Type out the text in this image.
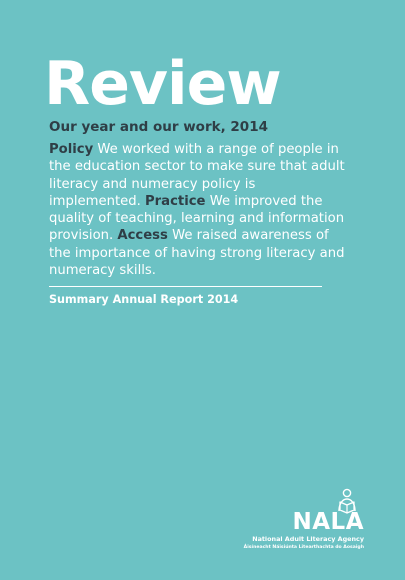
Review
Our year and our work, 2014

Policy We worked with a range of people in the education sector to make sure that adult literacy and numeracy policy is implemented. Practice We improved the quality of teaching, learning and information provision. Access We raised awareness of the importance of having strong literacy and numeracy skills.

Summary Annual Report 2014

NALA
National Adult Literacy Agency
Áisíneacht Náisiúnta Litearthachta do Aosaigh
